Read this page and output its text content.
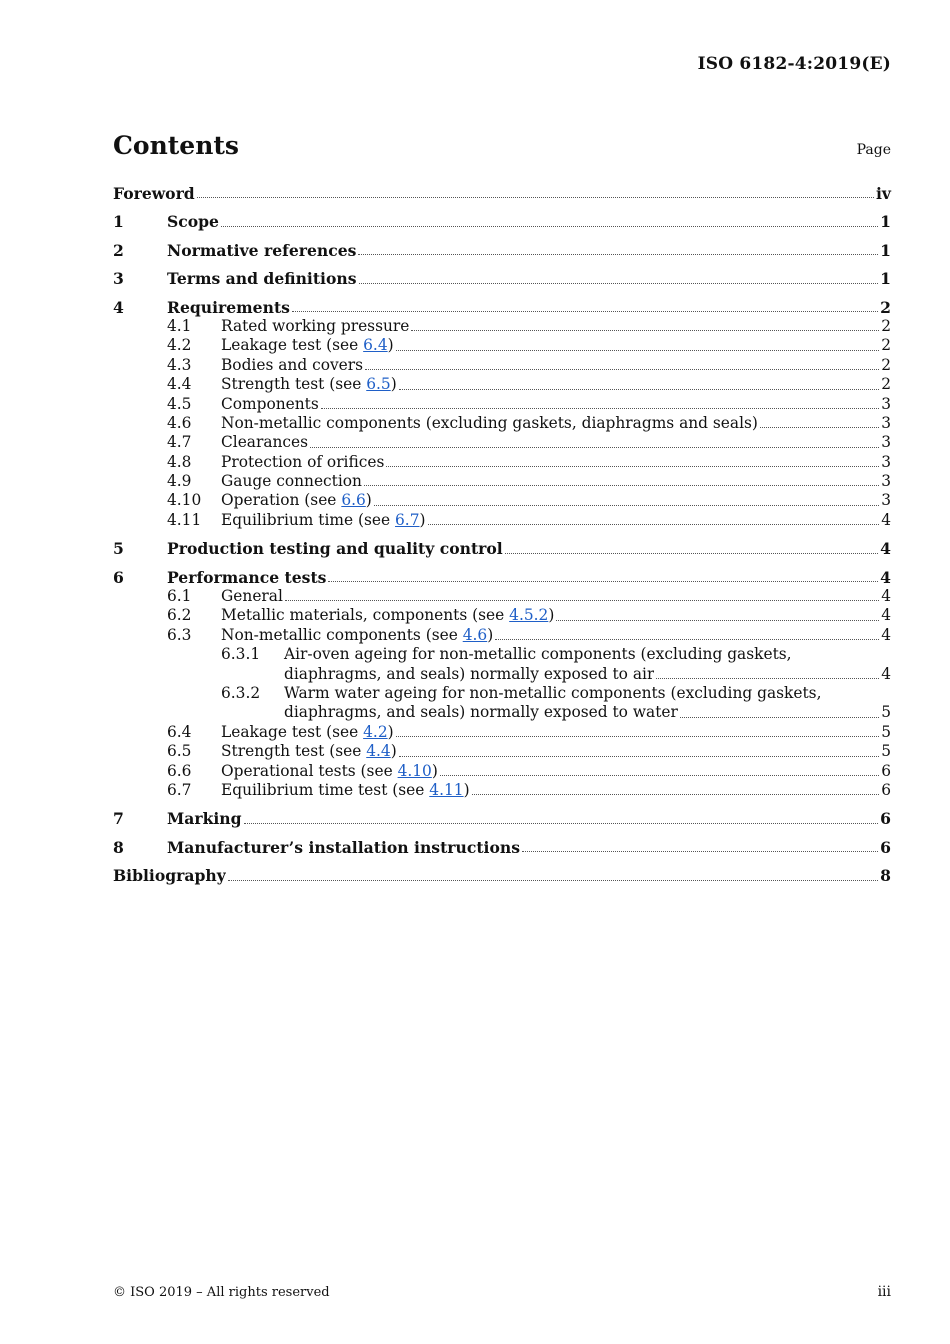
ISO 6182-4:2019(E)
Contents	Page
Foreword	iv
1	Scope	1
2	Normative references	1
3	Terms and definitions	1
4	Requirements	2
4.1	Rated working pressure	2
4.2	Leakage test (see 6.4)	2
4.3	Bodies and covers	2
4.4	Strength test (see 6.5)	2
4.5	Components	3
4.6	Non-metallic components (excluding gaskets, diaphragms and seals)	3
4.7	Clearances	3
4.8	Protection of orifices	3
4.9	Gauge connection	3
4.10	Operation (see 6.6)	3
4.11	Equilibrium time (see 6.7)	4
5	Production testing and quality control	4
6	Performance tests	4
6.1	General	4
6.2	Metallic materials, components (see 4.5.2)	4
6.3	Non-metallic components (see 4.6)	4
6.3.1 Air-oven ageing for non-metallic components (excluding gaskets,
diaphragms, and seals) normally exposed to air	4
6.3.2 Warm water ageing for non-metallic components (excluding gaskets,
diaphragms, and seals) normally exposed to water	5
6.4	Leakage test (see 4.2)	5
6.5	Strength test (see 4.4)	5
6.6	Operational tests (see 4.10)	6
6.7	Equilibrium time test (see 4.11)	6
7	Marking	6
8	Manufacturer’s installation instructions	6
Bibliography	8
© ISO 2019 – All rights reserved	iii
